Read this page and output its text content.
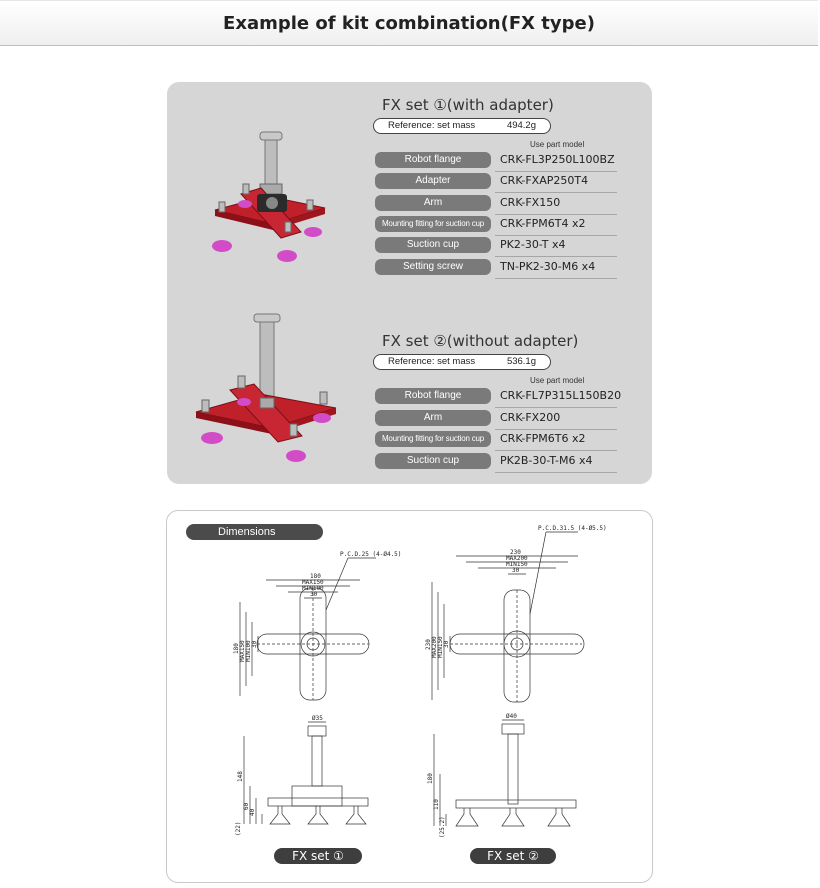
Example of kit combination(FX type)
FX set ①(with adapter)
Reference: set mass	494.2g
Use part model
Robot flange	CRK-FL3P250L100BZ
Adapter	CRK-FXAP250T4
Arm	CRK-FX150
Mounting fitting for suction cup	CRK-FPM6T4 x2
Suction cup	PK2-30-T x4
Setting screw	TN-PK2-30-M6 x4
FX set ②(without adapter)
Reference: set mass	536.1g
Use part model
Robot flange	CRK-FL7P315L150B20
Arm	CRK-FX200
Mounting fitting for suction cup	CRK-FPM6T6 x2
Suction cup	PK2B-30-T-M6 x4
Dimensions
180
MAX150
MIN100
30
P.C.D.25 (4-Ø4.5)
180 MAX150 MIN100 30
230
MAX200
MIN150
30
P.C.D.31.5 (4-Ø5.5)
230 MAX200 MIN150 30
Ø35
148
60
40
(22)
Ø40
180
110
(25.2)
FX set ①	FX set ②
